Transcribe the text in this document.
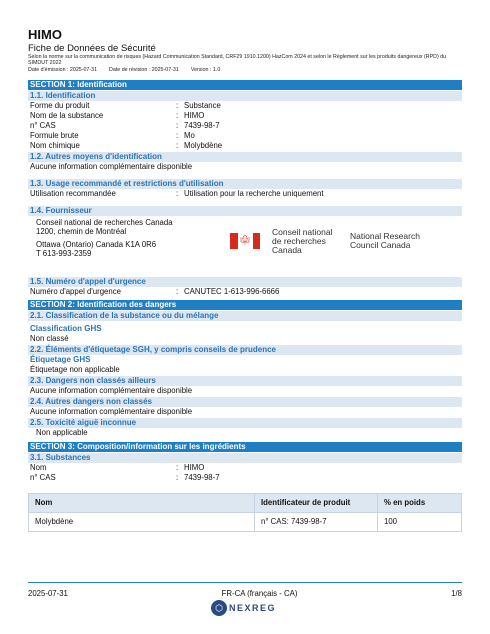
HIMO
Fiche de Données de Sécurité
Selon la norme sur la communication de risques (Hazard Communication Standard, CRF29 1910.1200) HazCom 2024 et selon le Règlement sur les produits dangereux (RPD) du SIMDUT 2022
Date d'émission : 2025-07-31 Date de révision : 2025-07-31 Version : 1.0
SECTION 1: Identification
1.1. Identification
Forme du produit	: Substance
Nom de la substance	: HIMO
n° CAS	: 7439-98-7
Formule brute	: Mo
Nom chimique	: Molybdène
1.2. Autres moyens d'identification
Aucune information complémentaire disponible
1.3. Usage recommandé et restrictions d'utilisation
Utilisation recommandée	: Utilisation pour la recherche uniquement
1.4. Fournisseur
Conseil national de recherches Canada
1200, chemin de Montréal
Ottawa (Ontario) Canada K1A 0R6
T 613-993-2359
🍁︎
Conseil national de recherches Canada
National Research Council Canada
1.5. Numéro d'appel d'urgence
Numéro d'appel d'urgence	: CANUTEC 1-613-996-6666
SECTION 2: Identification des dangers
2.1. Classification de la substance ou du mélange
Classification GHS
Non classé
2.2. Éléments d'étiquetage SGH, y compris conseils de prudence
Étiquetage GHS
Étiquetage non applicable
2.3. Dangers non classés ailleurs
Aucune information complémentaire disponible
2.4. Autres dangers non classés
Aucune information complémentaire disponible
2.5. Toxicité aiguë inconnue
Non applicable
SECTION 3: Composition/information sur les ingrédients
3.1. Substances
Nom	: HIMO
n° CAS	: 7439-98-7
Nom	Identificateur de produit	% en poids
Molybdène	n° CAS: 7439-98-7	100
2025-07-31	FR-CA (français - CA)	1/8
⬡ NEXREG
